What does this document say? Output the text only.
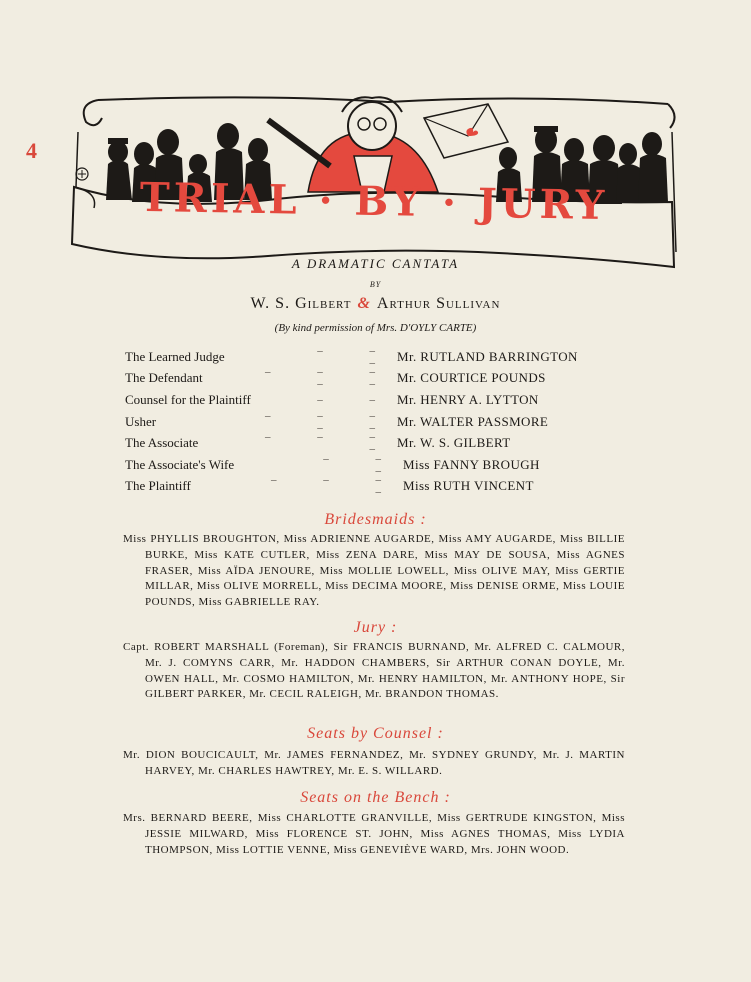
4
TRIAL · BY · JURY
A DRAMATIC CANTATA
BY
W. S. Gilbert & Arthur Sullivan
(By kind permission of Mrs. D'OYLY CARTE)
The Learned Judge	– – – Mr. RUTLAND BARRINGTON
The Defendant	– – – – – Mr. COURTICE POUNDS
Counsel for the Plaintiff	– – Mr. HENRY A. LYTTON
Usher	– – – – – Mr. WALTER PASSMORE
The Associate	– – – – Mr. W. S. GILBERT
The Associate's Wife	– – – Miss FANNY BROUGH
The Plaintiff	– – – – Miss RUTH VINCENT
Bridesmaids :
Miss PHYLLIS BROUGHTON, Miss ADRIENNE AUGARDE, Miss AMY AUGARDE, Miss BILLIE BURKE, Miss KATE CUTLER, Miss ZENA DARE, Miss MAY DE SOUSA, Miss AGNES FRASER, Miss AÏDA JENOURE, Miss MOLLIE LOWELL, Miss OLIVE MAY, Miss GERTIE MILLAR, Miss OLIVE MORRELL, Miss DECIMA MOORE, Miss DENISE ORME, Miss LOUIE POUNDS, Miss GABRIELLE RAY.
Jury :
Capt. ROBERT MARSHALL (Foreman), Sir FRANCIS BURNAND, Mr. ALFRED C. CALMOUR, Mr. J. COMYNS CARR, Mr. HADDON CHAMBERS, Sir ARTHUR CONAN DOYLE, Mr. OWEN HALL, Mr. COSMO HAMILTON, Mr. HENRY HAMILTON, Mr. ANTHONY HOPE, Sir GILBERT PARKER, Mr. CECIL RALEIGH, Mr. BRANDON THOMAS.
Seats by Counsel :
Mr. DION BOUCICAULT, Mr. JAMES FERNANDEZ, Mr. SYDNEY GRUNDY, Mr. J. MARTIN HARVEY, Mr. CHARLES HAWTREY, Mr. E. S. WILLARD.
Seats on the Bench :
Mrs. BERNARD BEERE, Miss CHARLOTTE GRANVILLE, Miss GERTRUDE KINGSTON, Miss JESSIE MILWARD, Miss FLORENCE ST. JOHN, Miss AGNES THOMAS, Miss LYDIA THOMPSON, Miss LOTTIE VENNE, Miss GENEVIÈVE WARD, Mrs. JOHN WOOD.
